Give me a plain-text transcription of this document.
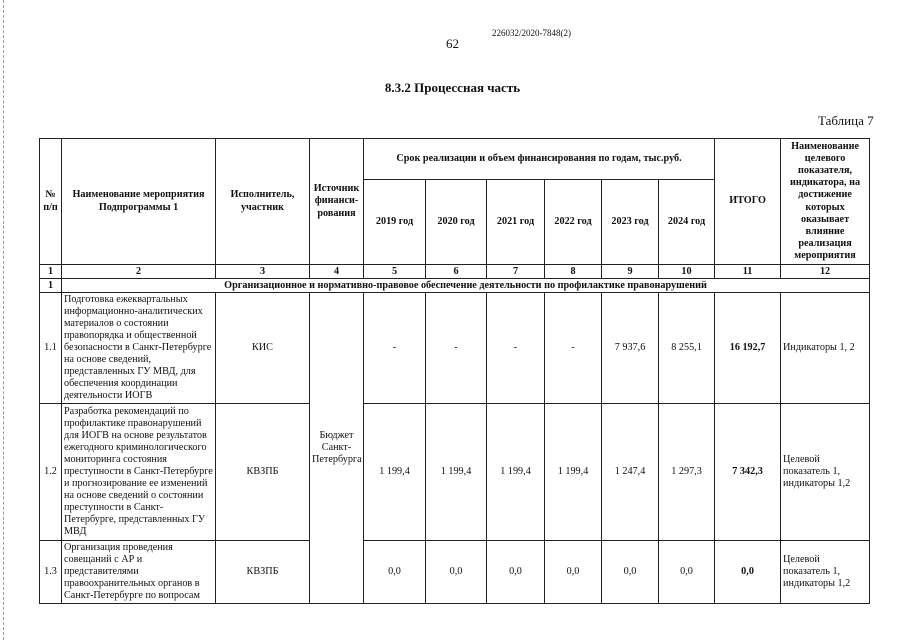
226032/2020-7848(2)
62
8.3.2 Процессная часть
Таблица 7
№ п/п	Наименование мероприятия Подпрограммы 1	Исполнитель, участник	Источник финанси-рования	Срок реализации и объем финансирования по годам, тыс.руб.						ИТОГО	Наименование целевого показателя, индикатора, на достижение которых оказывает влияние реализация мероприятия
				2019 год	2020 год	2021 год	2022 год	2023 год	2024 год		
1	2	3	4	5	6	7	8	9	10	11	12
1	Организационное и нормативно-правовое обеспечение деятельности по профилактике правонарушений										
1.1	Подготовка ежеквартальных информационно-аналитических материалов о состоянии правопорядка и общественной безопасности в Санкт-Петербурге на основе сведений, представленных ГУ МВД, для обеспечения координации деятельности ИОГВ	КИС	Бюджет Санкт-Петербурга	-	-	-	-	7 937,6	8 255,1	16 192,7	Индикаторы 1, 2
1.2	Разработка рекомендаций по профилактике правонарушений для ИОГВ на основе результатов ежегодного криминологического мониторинга состояния преступности в Санкт-Петербурге и прогнозирование ее изменений на основе сведений о состоянии преступности в Санкт-Петербурге, представленных ГУ МВД	КВЗПБ		1 199,4	1 199,4	1 199,4	1 199,4	1 247,4	1 297,3	7 342,3	Целевой показатель 1, индикаторы 1,2
1.3	Организация проведения совещаний с АР и представителями правоохранительных органов в Санкт-Петербурге по вопросам	КВЗПБ		0,0	0,0	0,0	0,0	0,0	0,0	0,0	Целевой показатель 1, индикаторы 1,2
